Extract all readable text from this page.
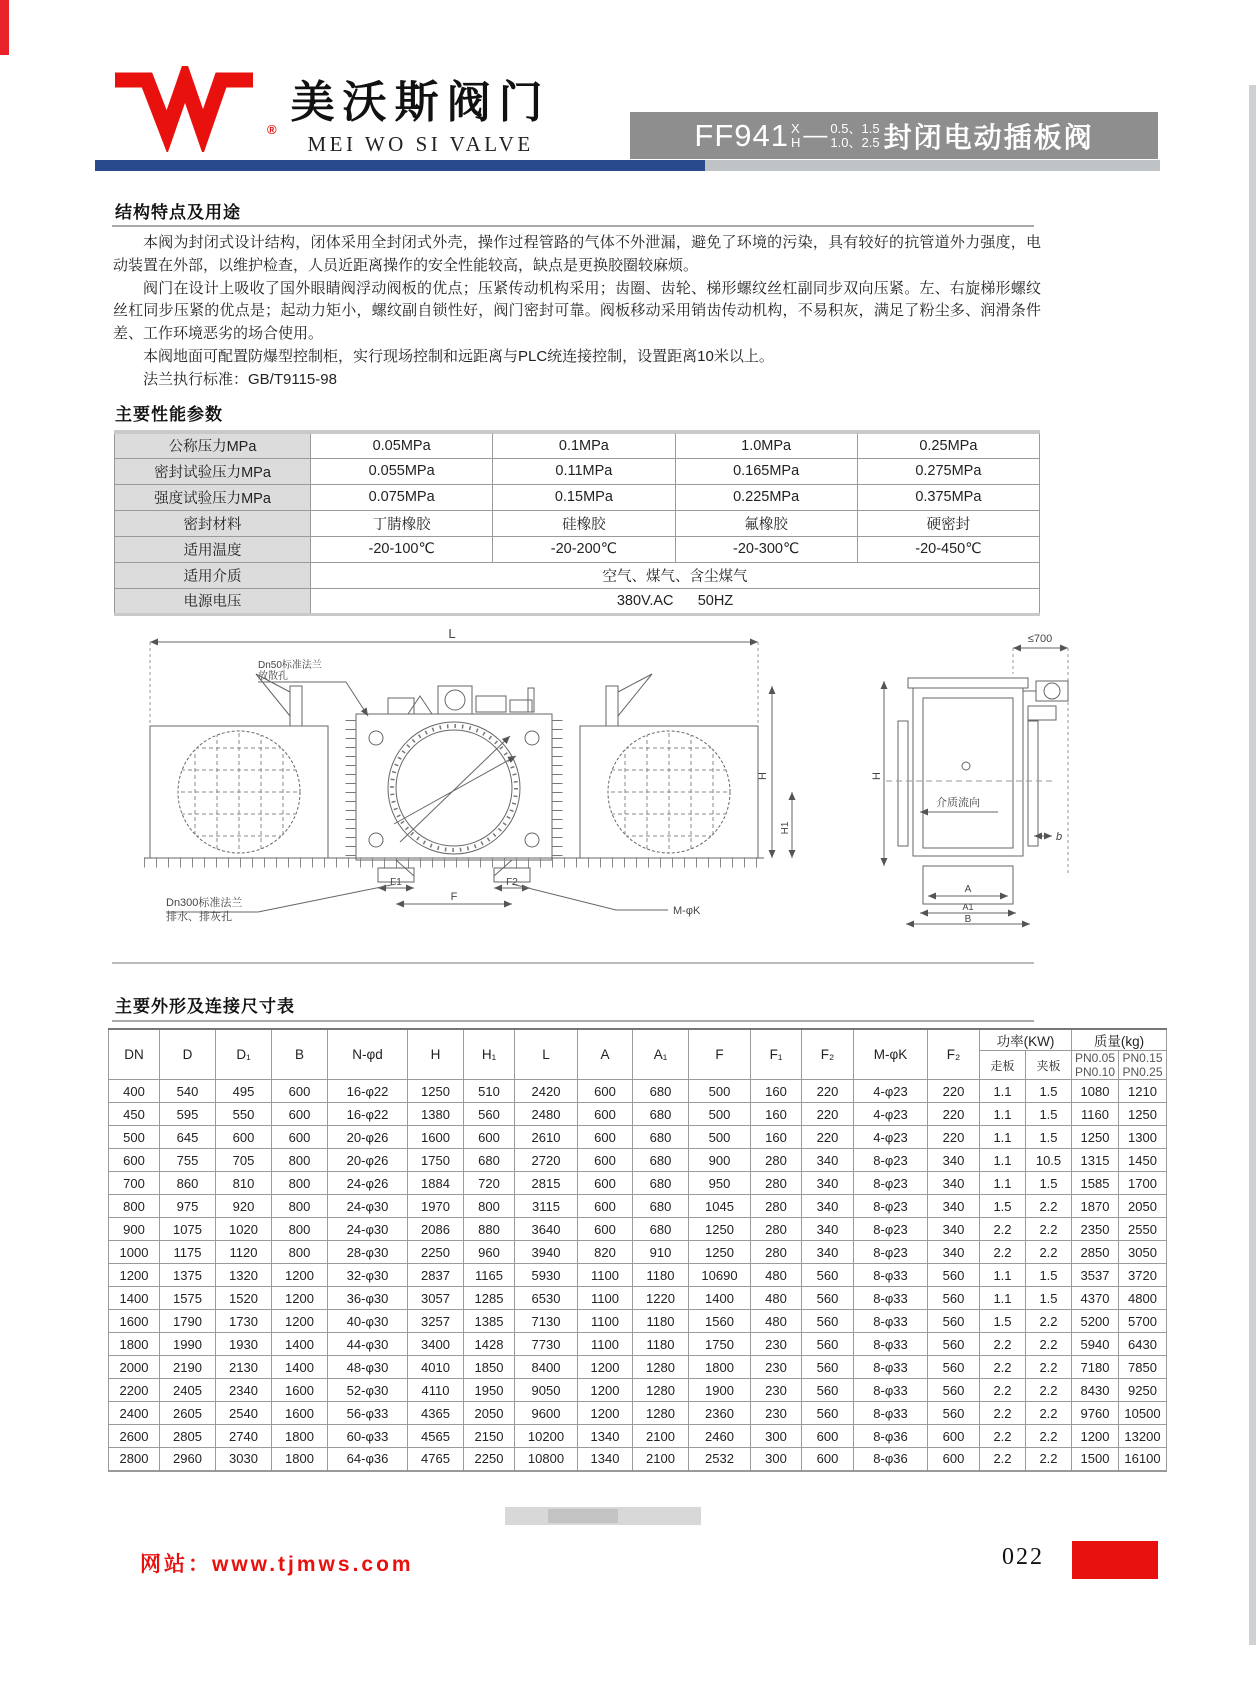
®
美沃斯阀门
MEI WO SI VALVE	FF941 X
H — 0.5、1.5
1.0、2.5 封闭电动插板阀
结构特点及用途

本阀为封闭式设计结构，闭体采用全封闭式外壳，操作过程管路的气体不外泄漏，避免了环境的污染，具有较好的抗管道外力强度，电动装置在外部，以维护检查，人员近距离操作的安全性能较高，缺点是更换胶圈较麻烦。

阀门在设计上吸收了国外眼睛阀浮动阀板的优点；压紧传动机构采用；齿圈、齿轮、梯形螺纹丝杠副同步双向压紧。左、右旋梯形螺纹丝杠同步压紧的优点是；起动力矩小，螺纹副自锁性好，阀门密封可靠。阀板移动采用销齿传动机构，不易积灰，满足了粉尘多、润滑条件差、工作环境恶劣的场合使用。

本阀地面可配置防爆型控制柜，实行现场控制和远距离与PLC统连接控制，设置距离10米以上。

法兰执行标准：GB/T9115-98

主要性能参数
公称压力MPa	0.05MPa	0.1MPa	1.0MPa	0.25MPa
密封试验压力MPa	0.055MPa	0.11MPa	0.165MPa	0.275MPa
强度试验压力MPa	0.075MPa	0.15MPa	0.225MPa	0.375MPa
密封材料	丁腈橡胶	硅橡胶	氟橡胶	硬密封
适用温度	-20-100℃	-20-200℃	-20-300℃	-20-450℃
适用介质	空气、煤气、含尘煤气			
电源电压	380V.AC      50HZ			
L
H
H1
F1	F2
F
Dn50标准法兰
放散孔
Dn300标准法兰
排水、排灰孔	M-φK
≤700
H
介质流向
b
A
A1
B
主要外形及连接尺寸表
DN	D	D₁	B	N-φd	H	H₁	L	A	A₁	F	F₁	F₂	M-φK	F₂	功率(KW)		质量(kg)	
															走板	夹板	PN0.05 PN0.10	PN0.15 PN0.25
400	540	495	600	16-φ22	1250	510	2420	600	680	500	160	220	4-φ23	220	1.1	1.5	1080	1210
450	595	550	600	16-φ22	1380	560	2480	600	680	500	160	220	4-φ23	220	1.1	1.5	1160	1250
500	645	600	600	20-φ26	1600	600	2610	600	680	500	160	220	4-φ23	220	1.1	1.5	1250	1300
600	755	705	800	20-φ26	1750	680	2720	600	680	900	280	340	8-φ23	340	1.1	10.5	1315	1450
700	860	810	800	24-φ26	1884	720	2815	600	680	950	280	340	8-φ23	340	1.1	1.5	1585	1700
800	975	920	800	24-φ30	1970	800	3115	600	680	1045	280	340	8-φ23	340	1.5	2.2	1870	2050
900	1075	1020	800	24-φ30	2086	880	3640	600	680	1250	280	340	8-φ23	340	2.2	2.2	2350	2550
1000	1175	1120	800	28-φ30	2250	960	3940	820	910	1250	280	340	8-φ23	340	2.2	2.2	2850	3050
1200	1375	1320	1200	32-φ30	2837	1165	5930	1100	1180	10690	480	560	8-φ33	560	1.1	1.5	3537	3720
1400	1575	1520	1200	36-φ30	3057	1285	6530	1100	1220	1400	480	560	8-φ33	560	1.1	1.5	4370	4800
1600	1790	1730	1200	40-φ30	3257	1385	7130	1100	1180	1560	480	560	8-φ33	560	1.5	2.2	5200	5700
1800	1990	1930	1400	44-φ30	3400	1428	7730	1100	1180	1750	230	560	8-φ33	560	2.2	2.2	5940	6430
2000	2190	2130	1400	48-φ30	4010	1850	8400	1200	1280	1800	230	560	8-φ33	560	2.2	2.2	7180	7850
2200	2405	2340	1600	52-φ30	4110	1950	9050	1200	1280	1900	230	560	8-φ33	560	2.2	2.2	8430	9250
2400	2605	2540	1600	56-φ33	4365	2050	9600	1200	1280	2360	230	560	8-φ33	560	2.2	2.2	9760	10500
2600	2805	2740	1800	60-φ33	4565	2150	10200	1340	2100	2460	300	600	8-φ36	600	2.2	2.2	1200	13200
2800	2960	3030	1800	64-φ36	4765	2250	10800	1340	2100	2532	300	600	8-φ36	600	2.2	2.2	1500	16100
网站：www.tjmws.com	022
